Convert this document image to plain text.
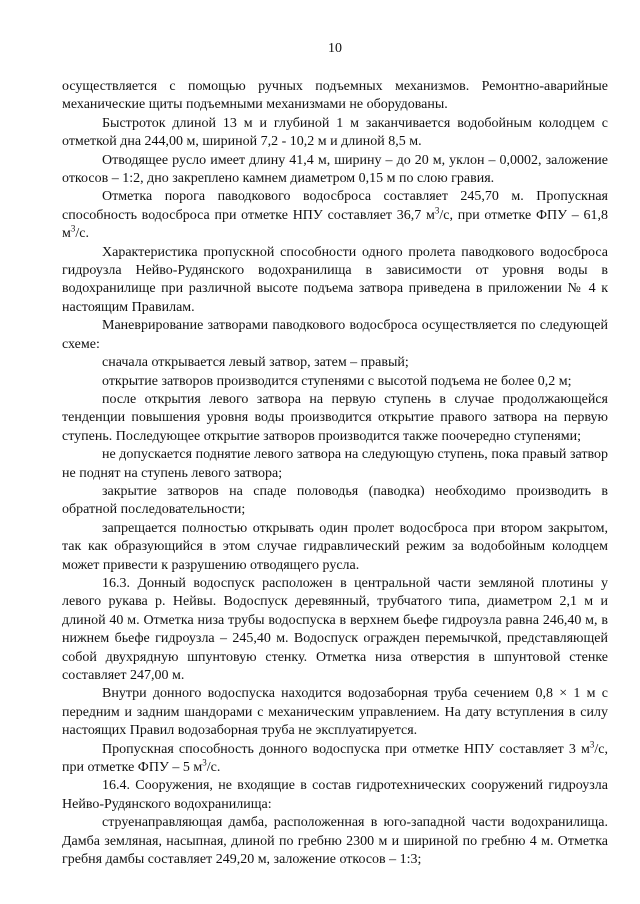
10

осуществляется с помощью ручных подъемных механизмов. Ремонтно-аварийные механические щиты подъемными механизмами не оборудованы.

Быстроток длиной 13 м и глубиной 1 м заканчивается водобойным колодцем с отметкой дна 244,00 м, шириной 7,2 - 10,2 м и длиной 8,5 м.

Отводящее русло имеет длину 41,4 м, ширину – до 20 м, уклон – 0,0002, заложение откосов – 1:2, дно закреплено камнем диаметром 0,15 м по слою гравия.

Отметка порога паводкового водосброса составляет 245,70 м. Пропускная способность водосброса при отметке НПУ составляет 36,7 $м^3/с$, при отметке ФПУ – 61,8 $м^3/с$.

Характеристика пропускной способности одного пролета паводкового водосброса гидроузла Нейво-Рудянского водохранилища в зависимости от уровня воды в водохранилище при различной высоте подъема затвора приведена в приложении № 4 к настоящим Правилам.

Маневрирование затворами паводкового водосброса осуществляется по следующей схеме:

сначала открывается левый затвор, затем – правый;

открытие затворов производится ступенями с высотой подъема не более 0,2 м;

после открытия левого затвора на первую ступень в случае продолжающейся тенденции повышения уровня воды производится открытие правого затвора на первую ступень. Последующее открытие затворов производится также поочередно ступенями;

не допускается поднятие левого затвора на следующую ступень, пока правый затвор не поднят на ступень левого затвора;

закрытие затворов на спаде половодья (паводка) необходимо производить в обратной последовательности;

запрещается полностью открывать один пролет водосброса при втором закрытом, так как образующийся в этом случае гидравлический режим за водобойным колодцем может привести к разрушению отводящего русла.

16.3. Донный водоспуск расположен в центральной части земляной плотины у левого рукава р. Нейвы. Водоспуск деревянный, трубчатого типа, диаметром 2,1 м и длиной 40 м. Отметка низа трубы водоспуска в верхнем бьефе гидроузла равна 246,40 м, в нижнем бьефе гидроузла – 245,40 м. Водоспуск огражден перемычкой, представляющей собой двухрядную шпунтовую стенку. Отметка низа отверстия в шпунтовой стенке составляет 247,00 м.

Внутри донного водоспуска находится водозаборная труба сечением 0,8 × 1 м с передним и задним шандорами с механическим управлением. На дату вступления в силу настоящих Правил водозаборная труба не эксплуатируется.

Пропускная способность донного водоспуска при отметке НПУ составляет 3 $м^3/с$, при отметке ФПУ – 5 $м^3/с$.

16.4. Сооружения, не входящие в состав гидротехнических сооружений гидроузла Нейво-Рудянского водохранилища:

струенаправляющая дамба, расположенная в юго-западной части водохранилища. Дамба земляная, насыпная, длиной по гребню 2300 м и шириной по гребню 4 м. Отметка гребня дамбы составляет 249,20 м, заложение откосов – 1:3;
